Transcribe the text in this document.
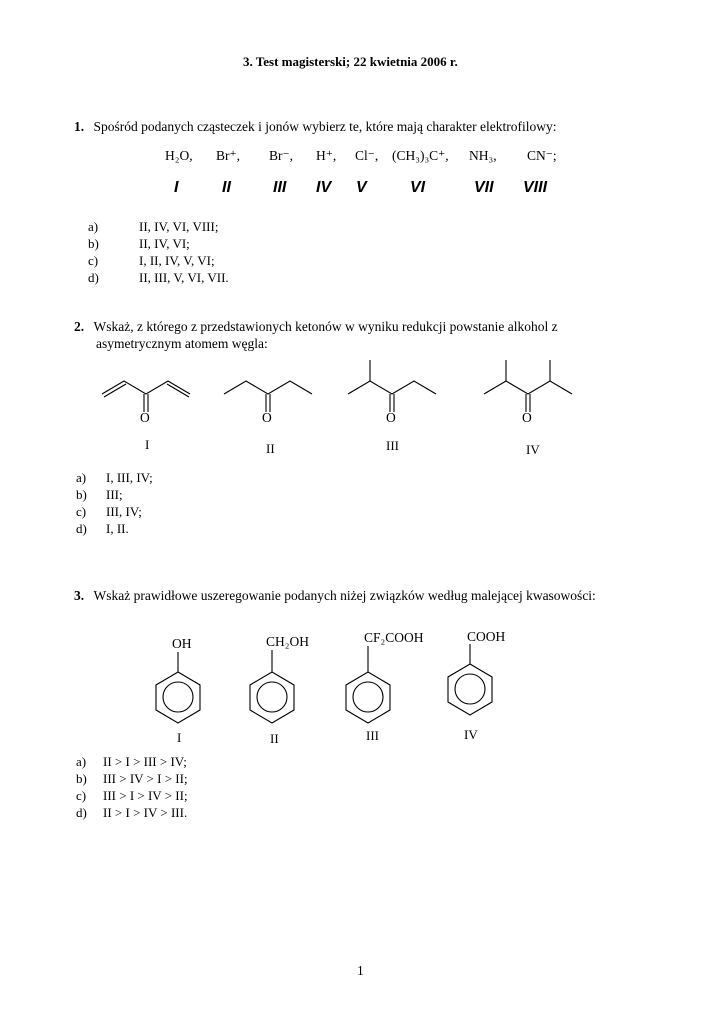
3. Test magisterski; 22 kwietnia 2006 r.
1. Spośród podanych cząsteczek i jonów wybierz te, które mają charakter elektrofilowy:
H₂O, Br⁺, Br⁻, H⁺, Cl⁻, (CH₃)₃C⁺, NH₃, CN⁻;
I	II	III IV V	VI	VII VIII
a)	II, IV, VI, VIII;
b)	II, IV, VI;
c)	I, II, IV, V, VI;
d)	II, III, V, VI, VII.
2. Wskaż, z którego z przedstawionych ketonów w wyniku redukcji powstanie alkohol z
asymetrycznym atomem węgla:
O
I
O
II
O
III
O
IV
a) I, III, IV;
b) III;
c) III, IV;
d) I, II.
3. Wskaż prawidłowe uszeregowanie podanych niżej związków według malejącej kwasowości:
OH	CH₂OH	CF₂COOH	COOH
I	II	III	IV
a) II > I > III > IV;
b) III > IV > I > II;
c) III > I > IV > II;
d) II > I > IV > III.
1
